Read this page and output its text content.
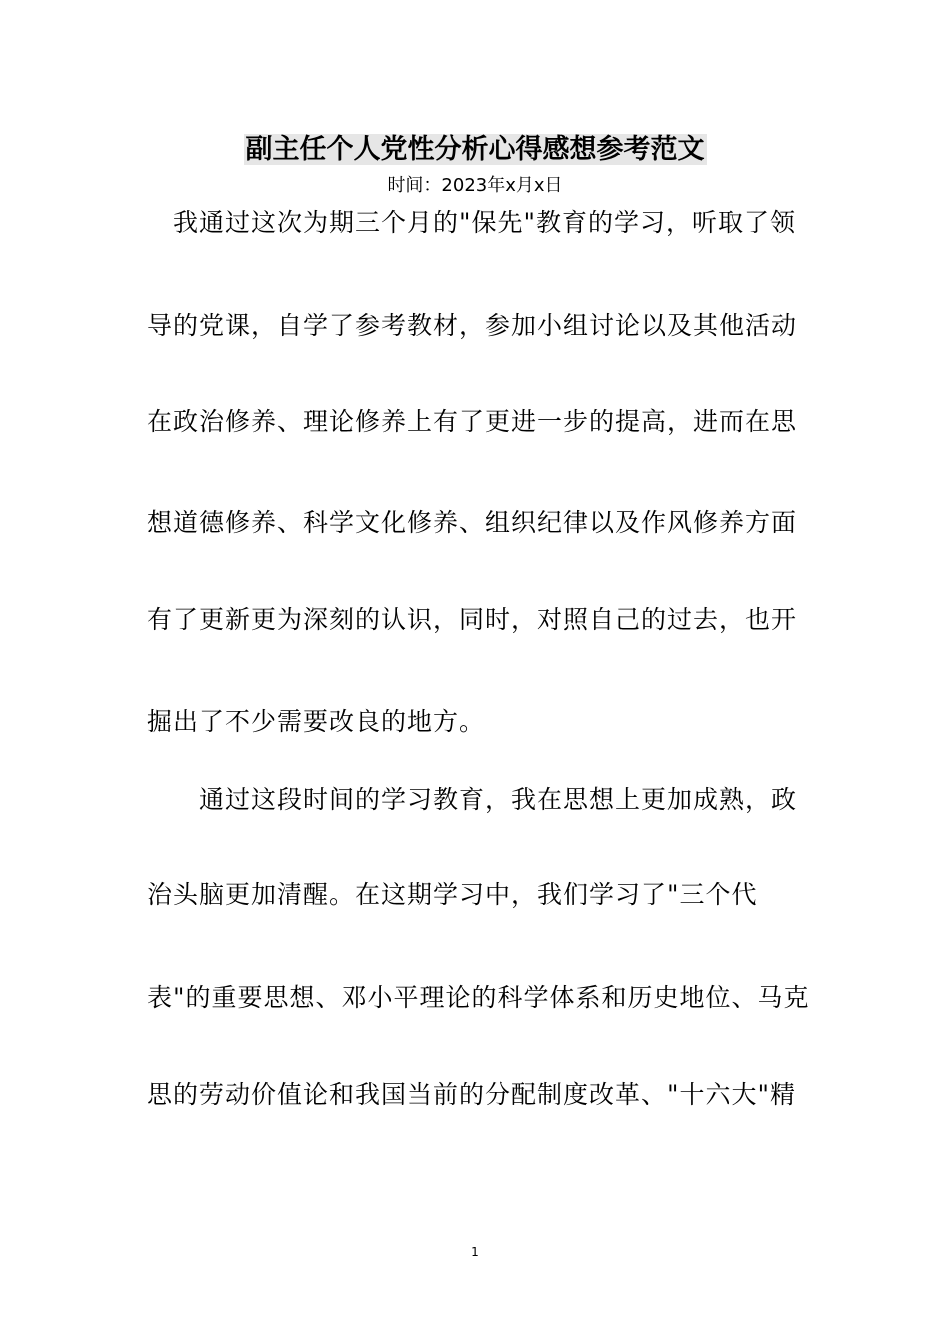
副主任个人党性分析心得感想参考范文
时间：2023年x月x日
　我通过这次为期三个月的"保先"教育的学习，听取了领
导的党课，自学了参考教材，参加小组讨论以及其他活动
在政治修养、理论修养上有了更进一步的提高，进而在思
想道德修养、科学文化修养、组织纪律以及作风修养方面
有了更新更为深刻的认识，同时，对照自己的过去，也开
掘出了不少需要改良的地方。
　　通过这段时间的学习教育，我在思想上更加成熟，政
治头脑更加清醒。在这期学习中，我们学习了"三个代
表"的重要思想、邓小平理论的科学体系和历史地位、马克
思的劳动价值论和我国当前的分配制度改革、"十六大"精
1
